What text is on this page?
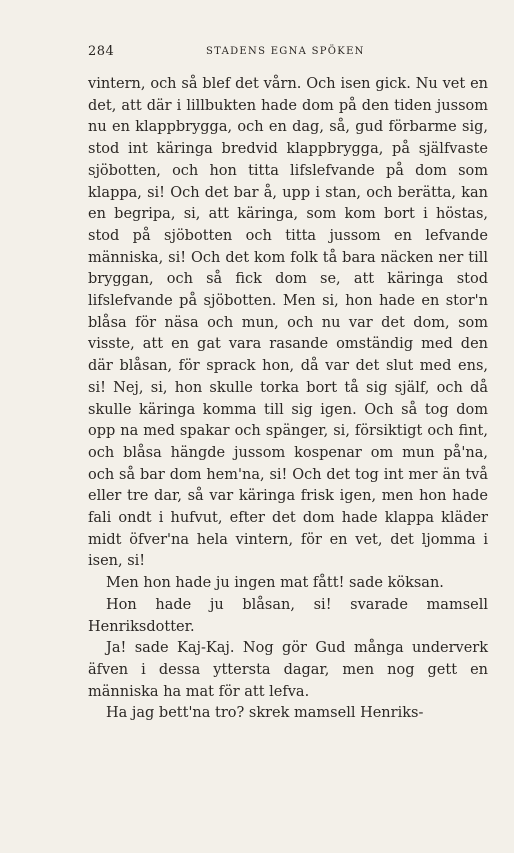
284	STADENS EGNA SPÖKEN

vintern, och så blef det vårn. Och isen gick. Nu vet en det, att där i lillbukten hade dom på den tiden jussom nu en klappbrygga, och en dag, så, gud förbarme sig, stod int käringa bredvid klappbrygga, på själfvaste sjöbotten, och hon titta lifslefvande på dom som klappa, si! Och det bar å, upp i stan, och berätta, kan en begripa, si, att käringa, som kom bort i höstas, stod på sjöbotten och titta jussom en lefvande människa, si! Och det kom folk tå bara näcken ner till bryggan, och så fick dom se, att käringa stod lifslefvande på sjöbotten. Men si, hon hade en stor'n blåsa för näsa och mun, och nu var det dom, som visste, att en gat vara rasande omständig med den där blåsan, för sprack hon, då var det slut med ens, si! Nej, si, hon skulle torka bort tå sig själf, och då skulle käringa komma till sig igen. Och så tog dom opp na med spakar och spänger, si, försiktigt och fint, och blåsa hängde jussom kospenar om mun på'na, och så bar dom hem'na, si! Och det tog int mer än två eller tre dar, så var käringa frisk igen, men hon hade fali ondt i hufvut, efter det dom hade klappa kläder midt öfver'na hela vintern, för en vet, det ljomma i isen, si!

Men hon hade ju ingen mat fått! sade köksan.

Hon hade ju blåsan, si! svarade mamsell Henriksdotter.

Ja! sade Kaj-Kaj. Nog gör Gud många underverk äfven i dessa yttersta dagar, men nog gett en människa ha mat för att lefva.

Ha jag bett'na tro? skrek mamsell Henriks-
